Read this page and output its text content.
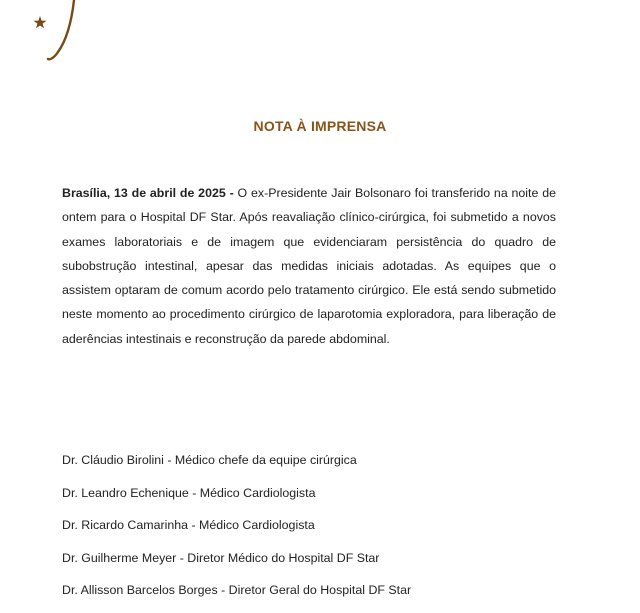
NOTA À IMPRENSA

Brasília, 13 de abril de 2025 - O ex-Presidente Jair Bolsonaro foi transferido na noite de ontem para o Hospital DF Star. Após reavaliação clínico-cirúrgica, foi submetido a novos exames laboratoriais e de imagem que evidenciaram persistência do quadro de subobstrução intestinal, apesar das medidas iniciais adotadas. As equipes que o assistem optaram de comum acordo pelo tratamento cirúrgico. Ele está sendo submetido neste momento ao procedimento cirúrgico de laparotomia exploradora, para liberação de aderências intestinais e reconstrução da parede abdominal.

Dr. Cláudio Birolini - Médico chefe da equipe cirúrgica
Dr. Leandro Echenique - Médico Cardiologista
Dr. Ricardo Camarinha - Médico Cardiologista
Dr. Guilherme Meyer - Diretor Médico do Hospital DF Star
Dr. Allisson Barcelos Borges - Diretor Geral do Hospital DF Star
